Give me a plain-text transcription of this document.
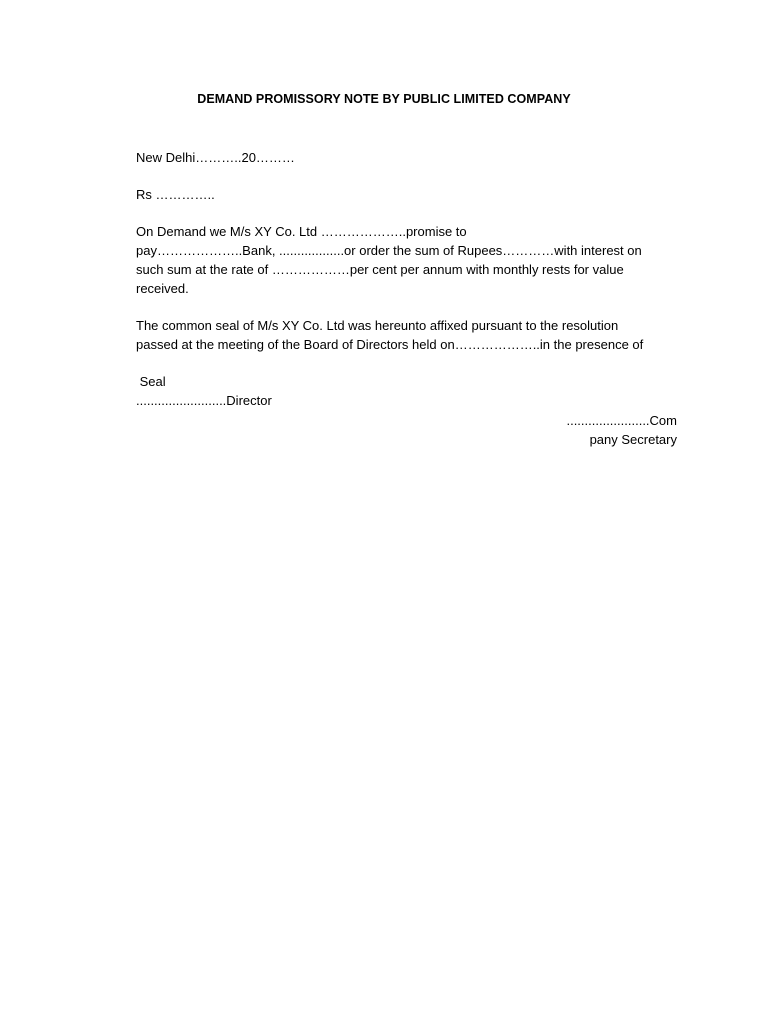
DEMAND PROMISSORY NOTE BY PUBLIC LIMITED COMPANY
New Delhi………..20………
Rs …………..
On Demand we M/s XY Co. Ltd ………………..promise to
pay………………..Bank, ..................or order the sum of Rupees…………with interest on
such sum at the rate of ………………per cent per annum with monthly rests for value
received.
The common seal of M/s XY Co. Ltd was hereunto affixed pursuant to the resolution
passed at the meeting of the Board of Directors held on………………..in the presence of
Seal
.........................Director
.......................Com
pany Secretary
